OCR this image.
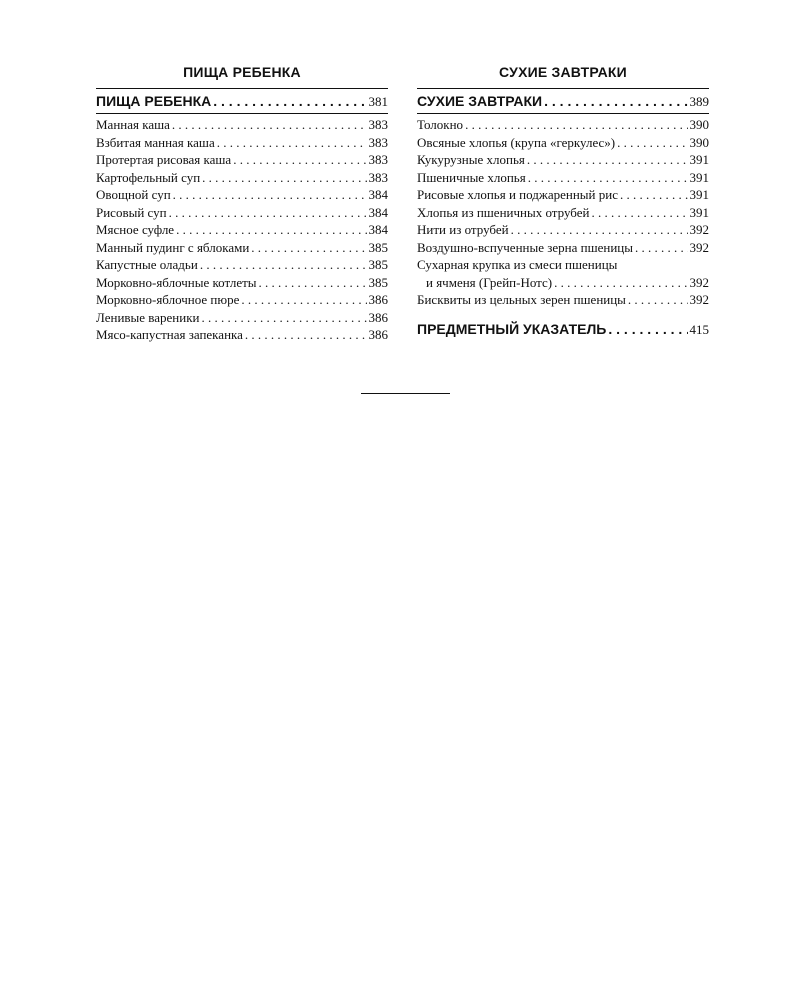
ПИЩА РЕБЕНКА
ПИЩА РЕБЕНКА . . .	381
Манная каша . . .	383
Взбитая манная каша . . .	383
Протертая рисовая каша . . .	383
Картофельный суп . . .	383
Овощной суп . . .	384
Рисовый суп . . .	384
Мясное суфле . . .	384
Манный пудинг с яблоками . . .	385
Капустные оладьи . . .	385
Морковно-яблочные котлеты . . .	385
Морковно-яблочное пюре . . .	386
Ленивые вареники . . .	386
Мясо-капустная запеканка . . .	386
СУХИЕ ЗАВТРАКИ
СУХИЕ ЗАВТРАКИ . . .	389
Толокно . . .	390
Овсяные хлопья (крупа «геркулес») . . .	390
Кукурузные хлопья . . .	391
Пшеничные хлопья . . .	391
Рисовые хлопья и поджаренный рис . . .	391
Хлопья из пшеничных отрубей . . .	391
Нити из отрубей . . .	392
Воздушно-вспученные зерна пшеницы . . .	392
Сухарная крупка из смеси пшеницы
и ячменя (Грейп-Нотс) . . .	392
Бисквиты из цельных зерен пшеницы . . .	392
ПРЕДМЕТНЫЙ УКАЗАТЕЛЬ . . .	415
